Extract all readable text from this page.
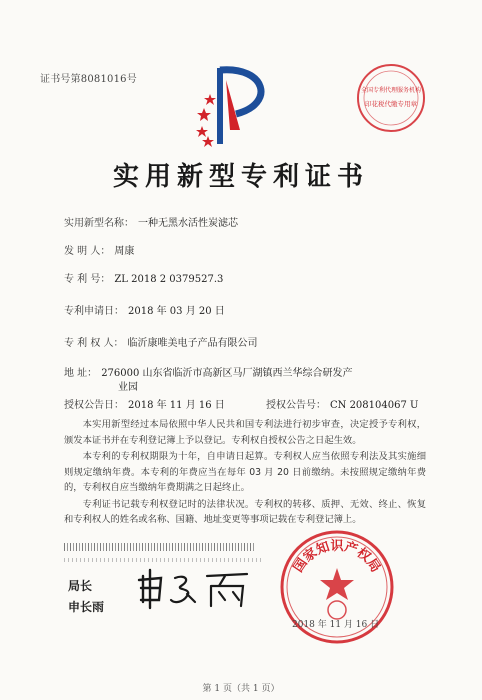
证书号第8081016号
全国专利代理服务机构
印花税代缴专用章
实用新型专利证书
实用新型名称： 一种无黑水活性炭滤芯
发 明 人： 周康
专 利 号： ZL 2018 2 0379527.3
专利申请日： 2018 年 03 月 20 日
专 利 权 人： 临沂康唯美电子产品有限公司
地 址： 276000 山东省临沂市高新区马厂湖镇西兰华综合研发产
业园
授权公告日： 2018 年 11 月 16 日	授权公告号： CN 208104067 U

本实用新型经过本局依照中华人民共和国专利法进行初步审查，决定授予专利权，颁发本证书并在专利登记簿上予以登记。专利权自授权公告之日起生效。

本专利的专利权期限为十年，自申请日起算。专利权人应当依照专利法及其实施细则规定缴纳年费。本专利的年费应当在每年 03 月 20 日前缴纳。未按照规定缴纳年费的，专利权自应当缴纳年费期满之日起终止。

专利证书记载专利权登记时的法律状况。专利权的转移、质押、无效、终止、恢复和专利权人的姓名或名称、国籍、地址变更等事项记载在专利登记簿上。

局长
申长雨
国家知识产权局
2018 年 11 月 16 日
第 1 页（共 1 页）
